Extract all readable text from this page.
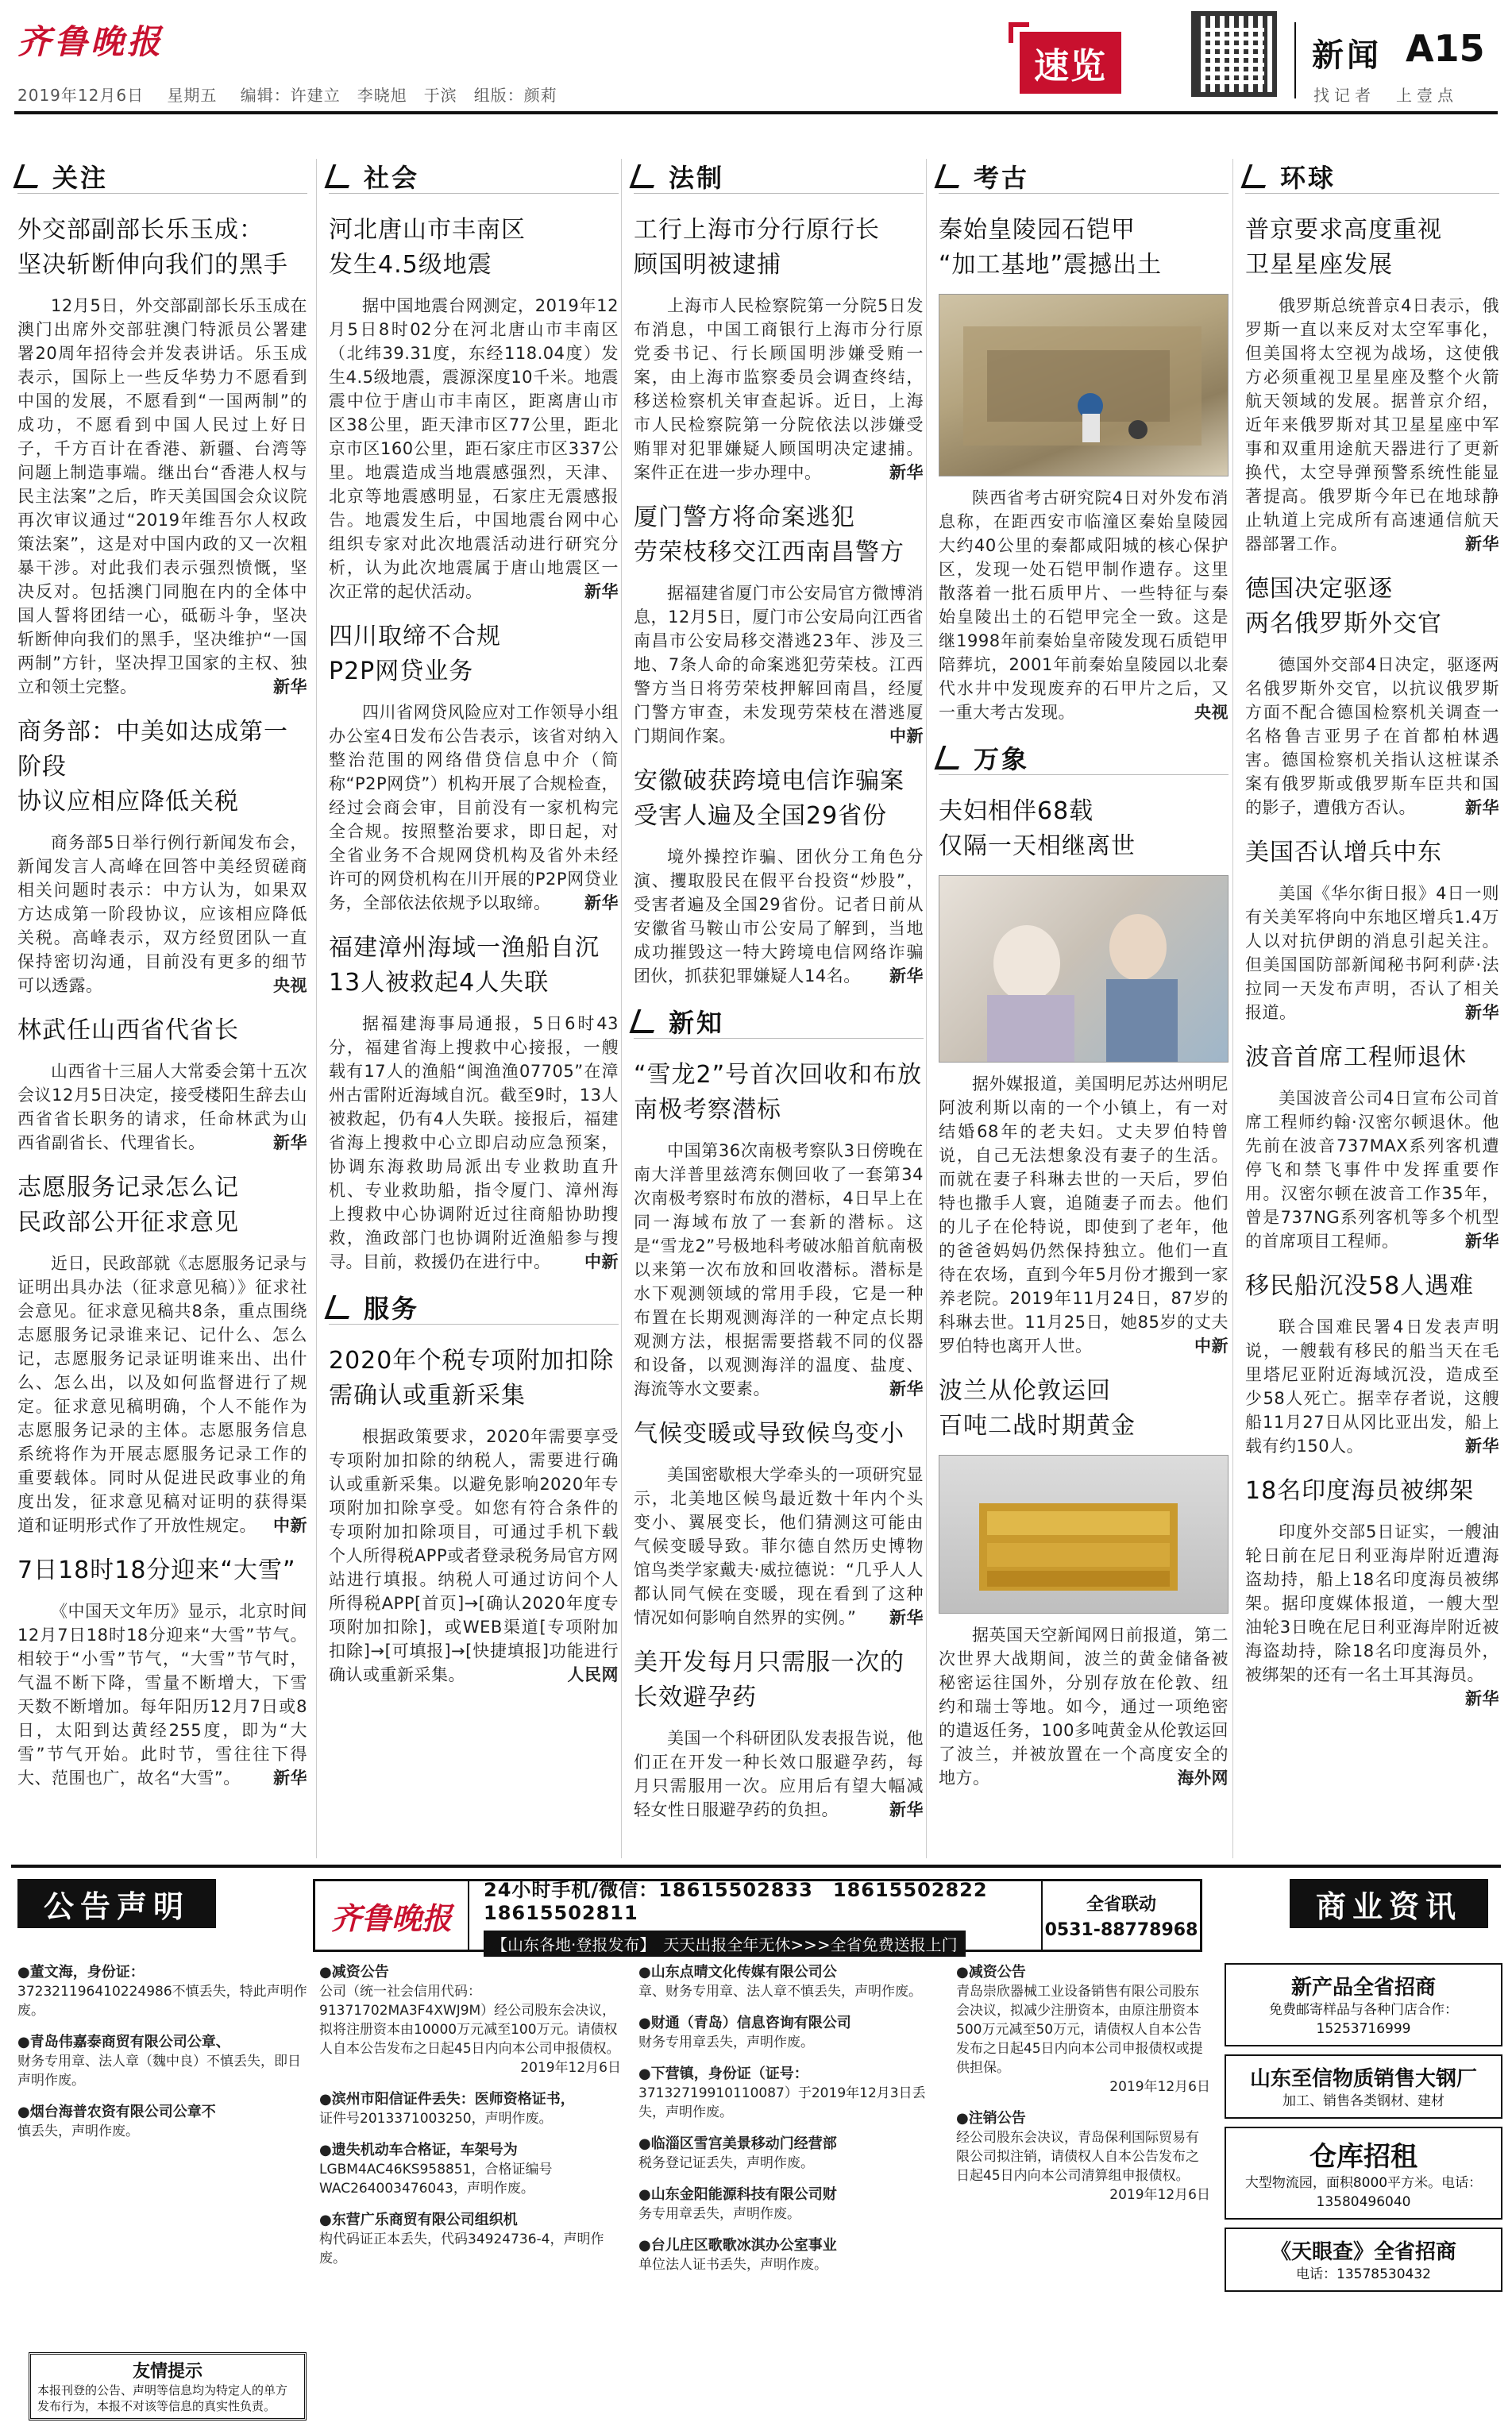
齐鲁晚报
2019年12月6日 星期五 编辑：许建立　李晓旭　于滨　组版：颜莉
速览	新闻 A15
找记者　上壹点
关注
外交部副部长乐玉成：
坚决斩断伸向我们的黑手

12月5日，外交部副部长乐玉成在澳门出席外交部驻澳门特派员公署建署20周年招待会并发表讲话。乐玉成表示，国际上一些反华势力不愿看到中国的发展，不愿看到“一国两制”的成功，不愿看到中国人民过上好日子，千方百计在香港、新疆、台湾等问题上制造事端。继出台“香港人权与民主法案”之后，昨天美国国会众议院再次审议通过“2019年维吾尔人权政策法案”，这是对中国内政的又一次粗暴干涉。对此我们表示强烈愤慨，坚决反对。包括澳门同胞在内的全体中国人誓将团结一心，砥砺斗争，坚决斩断伸向我们的黑手，坚决维护“一国两制”方针，坚决捍卫国家的主权、独立和领土完整。	新华

商务部：中美如达成第一阶段
协议应相应降低关税

商务部5日举行例行新闻发布会，新闻发言人高峰在回答中美经贸磋商相关问题时表示：中方认为，如果双方达成第一阶段协议，应该相应降低关税。高峰表示，双方经贸团队一直保持密切沟通，目前没有更多的细节可以透露。	央视

林武任山西省代省长

山西省十三届人大常委会第十五次会议12月5日决定，接受楼阳生辞去山西省省长职务的请求，任命林武为山西省副省长、代理省长。	新华

志愿服务记录怎么记
民政部公开征求意见

近日，民政部就《志愿服务记录与证明出具办法（征求意见稿）》征求社会意见。征求意见稿共8条，重点围绕志愿服务记录谁来记、记什么、怎么记，志愿服务记录证明谁来出、出什么、怎么出，以及如何监督进行了规定。征求意见稿明确，个人不能作为志愿服务记录的主体。志愿服务信息系统将作为开展志愿服务记录工作的重要载体。同时从促进民政事业的角度出发，征求意见稿对证明的获得渠道和证明形式作了开放性规定。 中新

7日18时18分迎来“大雪”

《中国天文年历》显示，北京时间12月7日18时18分迎来“大雪”节气。相较于“小雪”节气，“大雪”节气时，气温不断下降，雪量不断增大，下雪天数不断增加。每年阳历12月7日或8日，太阳到达黄经255度，即为“大雪”节气开始。此时节，雪往往下得大、范围也广，故名“大雪”。 新华

社会
河北唐山市丰南区
发生4.5级地震

据中国地震台网测定，2019年12月5日8时02分在河北唐山市丰南区（北纬39.31度，东经118.04度）发生4.5级地震，震源深度10千米。地震震中位于唐山市丰南区，距离唐山市区38公里，距天津市区77公里，距北京市区160公里，距石家庄市区337公里。地震造成当地震感强烈，天津、北京等地震感明显，石家庄无震感报告。地震发生后，中国地震台网中心组织专家对此次地震活动进行研究分析，认为此次地震属于唐山地震区一次正常的起伏活动。	新华

四川取缔不合规
P2P网贷业务

四川省网贷风险应对工作领导小组办公室4日发布公告表示，该省对纳入整治范围的网络借贷信息中介（简称“P2P网贷”）机构开展了合规检查，经过会商会审，目前没有一家机构完全合规。按照整治要求，即日起，对全省业务不合规网贷机构及省外未经许可的网贷机构在川开展的P2P网贷业务，全部依法依规予以取缔。 新华

福建漳州海域一渔船自沉
13人被救起4人失联

据福建海事局通报，5日6时43分，福建省海上搜救中心接报，一艘载有17人的渔船“闽渔渔07705”在漳州古雷附近海域自沉。截至9时，13人被救起，仍有4人失联。接报后，福建省海上搜救中心立即启动应急预案，协调东海救助局派出专业救助直升机、专业救助船，指令厦门、漳州海上搜救中心协调附近过往商船协助搜救，渔政部门也协调附近渔船参与搜寻。目前，救援仍在进行中。 中新

服务
2020年个税专项附加扣除
需确认或重新采集

根据政策要求，2020年需要享受专项附加扣除的纳税人，需要进行确认或重新采集。以避免影响2020年专项附加扣除享受。如您有符合条件的专项附加扣除项目，可通过手机下载个人所得税APP或者登录税务局官方网站进行填报。纳税人可通过访问个人所得税APP[首页]→[确认2020年度专项附加扣除]，或WEB渠道[专项附加扣除]→[可填报]→[快捷填报]功能进行确认或重新采集。	人民网

法制
工行上海市分行原行长
顾国明被逮捕

上海市人民检察院第一分院5日发布消息，中国工商银行上海市分行原党委书记、行长顾国明涉嫌受贿一案，由上海市监察委员会调查终结，移送检察机关审查起诉。近日，上海市人民检察院第一分院依法以涉嫌受贿罪对犯罪嫌疑人顾国明决定逮捕。案件正在进一步办理中。	新华

厦门警方将命案逃犯
劳荣枝移交江西南昌警方

据福建省厦门市公安局官方微博消息，12月5日，厦门市公安局向江西省南昌市公安局移交潜逃23年、涉及三地、7条人命的命案逃犯劳荣枝。江西警方当日将劳荣枝押解回南昌，经厦门警方审查，未发现劳荣枝在潜逃厦门期间作案。	中新

安徽破获跨境电信诈骗案
受害人遍及全国29省份

境外操控诈骗、团伙分工角色分演、攫取股民在假平台投资“炒股”，受害者遍及全国29省份。记者日前从安徽省马鞍山市公安局了解到，当地成功摧毁这一特大跨境电信网络诈骗团伙，抓获犯罪嫌疑人14名。 新华

新知
“雪龙2”号首次回收和布放
南极考察潜标

中国第36次南极考察队3日傍晚在南大洋普里兹湾东侧回收了一套第34次南极考察时布放的潜标，4日早上在同一海域布放了一套新的潜标。这是“雪龙2”号极地科考破冰船首航南极以来第一次布放和回收潜标。潜标是水下观测领域的常用手段，它是一种布置在长期观测海洋的一种定点长期观测方法，根据需要搭载不同的仪器和设备，以观测海洋的温度、盐度、海流等水文要素。	新华

气候变暖或导致候鸟变小

美国密歇根大学牵头的一项研究显示，北美地区候鸟最近数十年内个头变小、翼展变长，他们猜测这可能由气候变暖导致。菲尔德自然历史博物馆鸟类学家戴夫·威拉德说：“几乎人人都认同气候在变暖，现在看到了这种情况如何影响自然界的实例。” 新华

美开发每月只需服一次的
长效避孕药

美国一个科研团队发表报告说，他们正在开发一种长效口服避孕药，每月只需服用一次。应用后有望大幅减轻女性日服避孕药的负担。	新华

考古
秦始皇陵园石铠甲
“加工基地”震撼出土

陕西省考古研究院4日对外发布消息称，在距西安市临潼区秦始皇陵园大约40公里的秦都咸阳城的核心保护区，发现一处石铠甲制作遗存。这里散落着一批石质甲片、一些特征与秦始皇陵出土的石铠甲完全一致。这是继1998年前秦始皇帝陵发现石质铠甲陪葬坑，2001年前秦始皇陵园以北秦代水井中发现废弃的石甲片之后，又一重大考古发现。	央视

万象
夫妇相伴68载
仅隔一天相继离世

据外媒报道，美国明尼苏达州明尼阿波利斯以南的一个小镇上，有一对结婚68年的老夫妇。丈夫罗伯特曾说，自己无法想象没有妻子的生活。而就在妻子科琳去世的一天后，罗伯特也撒手人寰，追随妻子而去。他们的儿子在伦特说，即使到了老年，他的爸爸妈妈仍然保持独立。他们一直待在农场，直到今年5月份才搬到一家养老院。2019年11月24日，87岁的科琳去世。11月25日，她85岁的丈夫罗伯特也离开人世。	中新

波兰从伦敦运回
百吨二战时期黄金

据英国天空新闻网日前报道，第二次世界大战期间，波兰的黄金储备被秘密运往国外，分别存放在伦敦、纽约和瑞士等地。如今，通过一项绝密的遣返任务，100多吨黄金从伦敦运回了波兰，并被放置在一个高度安全的地方。	海外网

环球
普京要求高度重视
卫星星座发展

俄罗斯总统普京4日表示，俄罗斯一直以来反对太空军事化，但美国将太空视为战场，这使俄方必须重视卫星星座及整个火箭航天领域的发展。据普京介绍，近年来俄罗斯对其卫星星座中军事和双重用途航天器进行了更新换代，太空导弹预警系统性能显著提高。俄罗斯今年已在地球静止轨道上完成所有高速通信航天器部署工作。	新华

德国决定驱逐
两名俄罗斯外交官

德国外交部4日决定，驱逐两名俄罗斯外交官，以抗议俄罗斯方面不配合德国检察机关调查一名格鲁吉亚男子在首都柏林遇害。德国检察机关指认这桩谋杀案有俄罗斯或俄罗斯车臣共和国的影子，遭俄方否认。	新华

美国否认增兵中东

美国《华尔街日报》4日一则有关美军将向中东地区增兵1.4万人以对抗伊朗的消息引起关注。但美国国防部新闻秘书阿利萨·法拉同一天发布声明，否认了相关报道。	新华

波音首席工程师退休

美国波音公司4日宣布公司首席工程师约翰·汉密尔顿退休。他先前在波音737MAX系列客机遭停飞和禁飞事件中发挥重要作用。汉密尔顿在波音工作35年，曾是737NG系列客机等多个机型的首席项目工程师。	新华

移民船沉没58人遇难

联合国难民署4日发表声明说，一艘载有移民的船当天在毛里塔尼亚附近海域沉没，造成至少58人死亡。据幸存者说，这艘船11月27日从冈比亚出发，船上载有约150人。	新华

18名印度海员被绑架

印度外交部5日证实，一艘油轮日前在尼日利亚海岸附近遭海盗劫持，船上18名印度海员被绑架。据印度媒体报道，一艘大型油轮3日晚在尼日利亚海岸附近被海盗劫持，除18名印度海员外，被绑架的还有一名土耳其海员。
新华

公告声明	齐鲁晚报
24小时手机/微信：18615502833　18615502822　18615502811
【山东各地·登报发布】　天天出报全年无休>>>全省免费送报上门
全省联动
0531-88778968
商业资讯
●董文海，身份证：
372321196410224986不慎丢失，特此声明作废。
●青岛伟嘉泰商贸有限公司公章、
财务专用章、法人章（魏中良）不慎丢失，即日声明作废。
●烟台海普农资有限公司公章不
慎丢失，声明作废。
●减资公告
公司（统一社会信用代码：91371702MA3F4XWJ9M）经公司股东会决议，拟将注册资本由10000万元减至100万元。请债权人自本公告发布之日起45日内向本公司申报债权。
2019年12月6日
●滨州市阳信证件丢失：医师资格证书，
证件号2013371003250，声明作废。
●遗失机动车合格证，车架号为
LGBM4AC46KS958851，合格证编号WAC264003476043，声明作废。
●东营广乐商贸有限公司组织机
构代码证正本丢失，代码34924736-4，声明作废。
●山东点晴文化传媒有限公司公
章、财务专用章、法人章不慎丢失，声明作废。
●财通（青岛）信息咨询有限公司
财务专用章丢失，声明作废。
●下营镇，身份证（证号：
37132719910110087）于2019年12月3日丢失，声明作废。
●临淄区雪宫美景移动门经营部
税务登记证丢失，声明作废。
●山东金阳能源科技有限公司财
务专用章丢失，声明作废。
●台儿庄区歌歌冰淇办公室事业
单位法人证书丢失，声明作废。
●减资公告
青岛崇欣器械工业设备销售有限公司股东会决议，拟减少注册资本，由原注册资本500万元减至50万元，请债权人自本公告发布之日起45日内向本公司申报债权或提供担保。
2019年12月6日
●注销公告
经公司股东会决议，青岛保利国际贸易有限公司拟注销，请债权人自本公告发布之日起45日内向本公司清算组申报债权。
2019年12月6日
新产品全省招商
免费邮寄样品与各种门店合作：15253716999
山东至信物质销售大钢厂
加工、销售各类钢材、建材
仓库招租
大型物流园，面积8000平方米。电话：13580496040
《天眼查》全省招商
电话：13578530432
友情提示
本报刊登的公告、声明等信息均为特定人的单方发布行为，本报不对该等信息的真实性负责。
